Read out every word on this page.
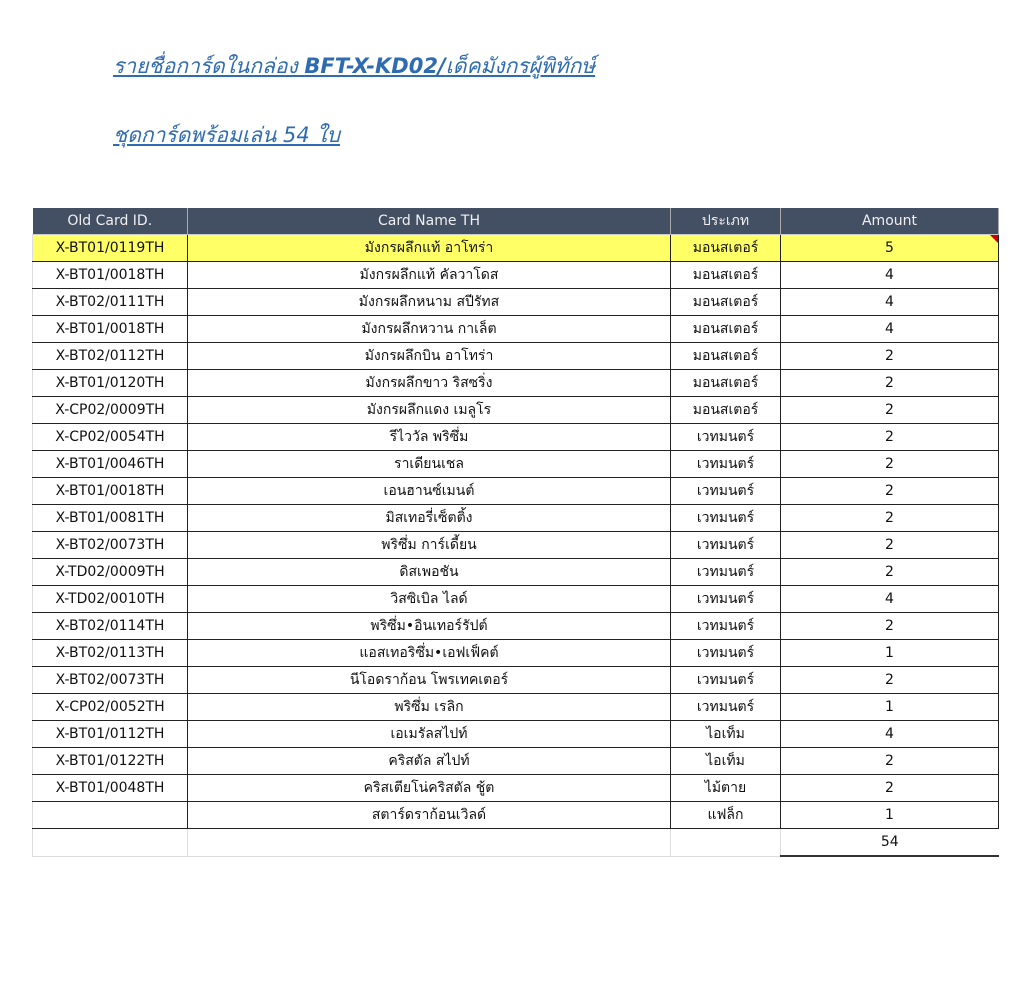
รายชื่อการ์ดในกล่อง BFT-X-KD02/เด็คมังกรผู้พิทักษ์
ชุดการ์ดพร้อมเล่น 54 ใบ
Old Card ID.	Card Name TH	ประเภท	Amount
X-BT01/0119TH	มังกรผลึกแท้ อาโทร่า	มอนสเตอร์	5

X-BT01/0018TH	มังกรผลึกแท้ คัลวาโดส	มอนสเตอร์	4
X-BT02/0111TH	มังกรผลึกหนาม สปีรัทส	มอนสเตอร์	4
X-BT01/0018TH	มังกรผลึกหวาน กาเล็ต	มอนสเตอร์	4
X-BT02/0112TH	มังกรผลึกบิน อาโทร่า	มอนสเตอร์	2
X-BT01/0120TH	มังกรผลึกขาว ริสซริ่ง	มอนสเตอร์	2
X-CP02/0009TH	มังกรผลึกแดง เมลูโร	มอนสเตอร์	2
X-CP02/0054TH	รีไววัล พริซึ่ม	เวทมนตร์	2
X-BT01/0046TH	ราเดียนเชล	เวทมนตร์	2
X-BT01/0018TH	เอนฮานซ์เมนต์	เวทมนตร์	2
X-BT01/0081TH	มิสเทอรี่เซ็ตติ้ง	เวทมนตร์	2
X-BT02/0073TH	พริซึ่ม การ์เดี้ยน	เวทมนตร์	2
X-TD02/0009TH	ดิสเพอชัน	เวทมนตร์	2
X-TD02/0010TH	วิสซิเบิล ไลด์	เวทมนตร์	4
X-BT02/0114TH	พริซึ่ม•อินเทอร์รัปต์	เวทมนตร์	2
X-BT02/0113TH	แอสเทอริซึ่ม•เอฟเฟ็คต์	เวทมนตร์	1
X-BT02/0073TH	นีโอดราก้อน โพรเทคเตอร์	เวทมนตร์	2
X-CP02/0052TH	พริซึ่ม เรลิก	เวทมนตร์	1
X-BT01/0112TH	เอเมรัลสไปท์	ไอเท็ม	4
X-BT01/0122TH	คริสตัล สไปท์	ไอเท็ม	2
X-BT01/0048TH	คริสเตียโน่คริสตัล ชู้ต	ไม้ตาย	2
	สตาร์ดราก้อนเวิลด์	แฟล็ก	1
			54
